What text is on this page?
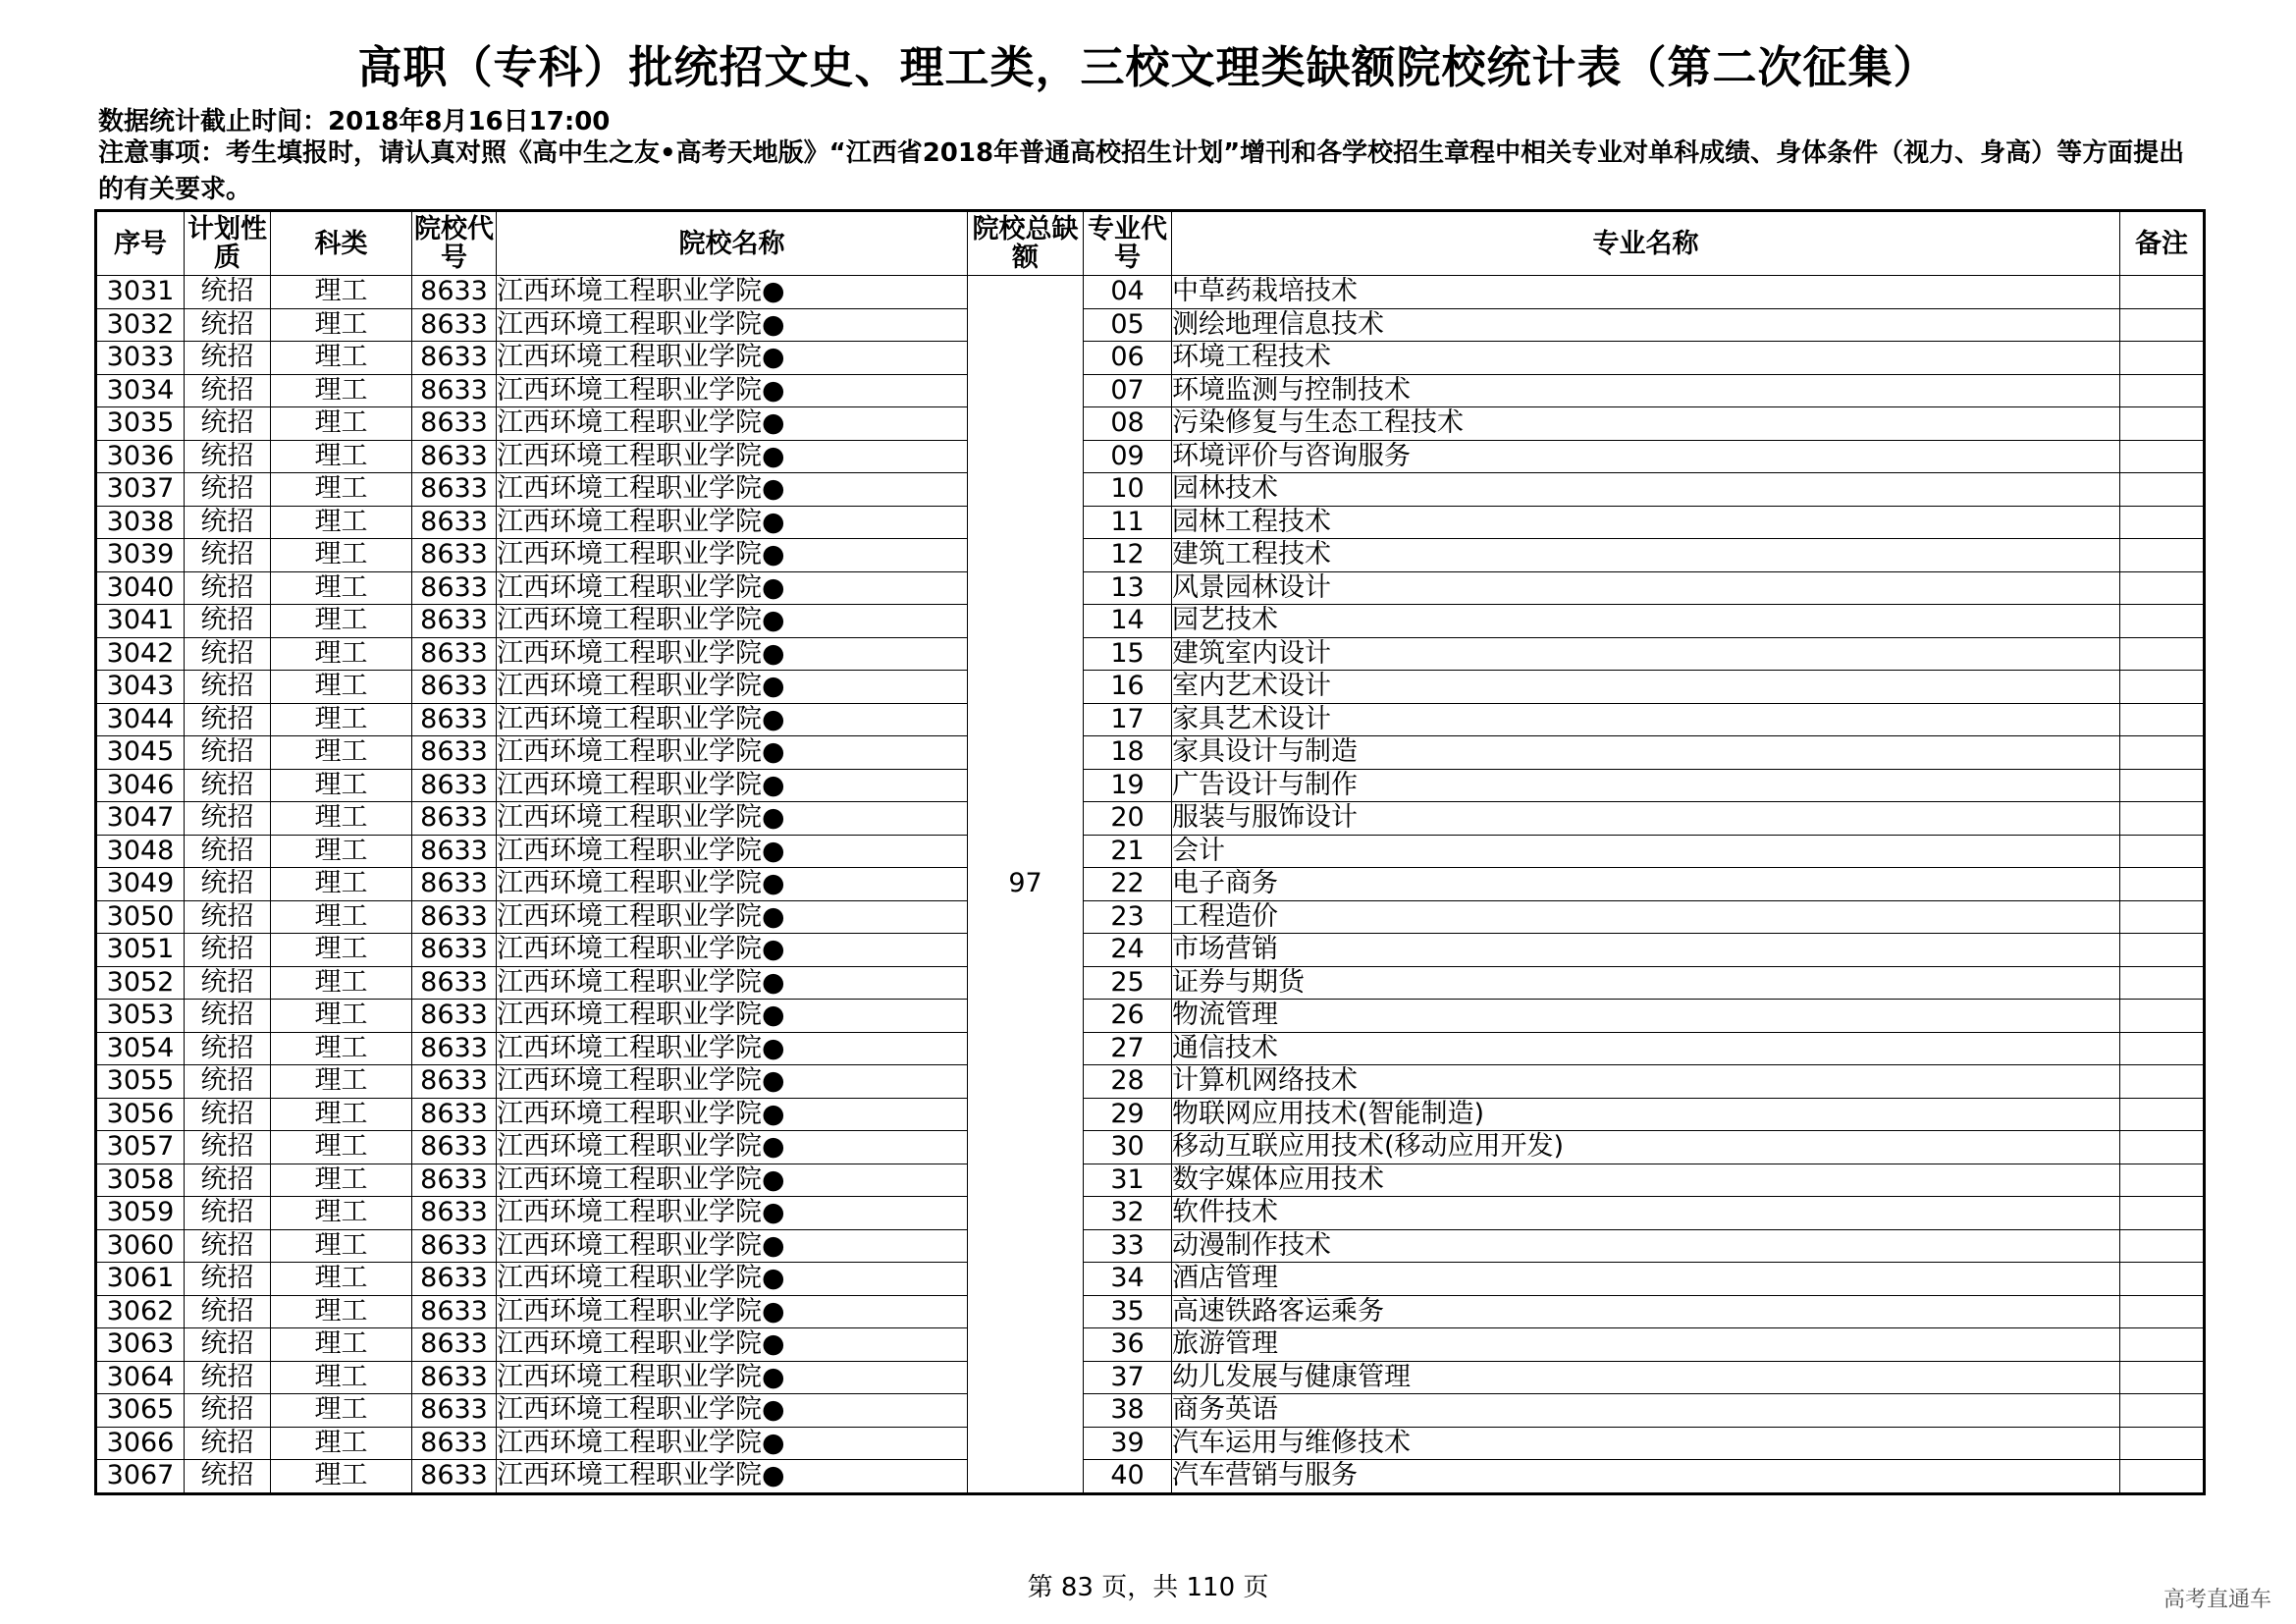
高职（专科）批统招文史、理工类，三校文理类缺额院校统计表（第二次征集）
数据统计截止时间：2018年8月16日17:00
注意事项：考生填报时，请认真对照《高中生之友•高考天地版》“江西省2018年普通高校招生计划”增刊和各学校招生章程中相关专业对单科成绩、身体条件（视力、身高）等方面提出的有关要求。
序号	计划性质	科类	院校代号	院校名称	院校总缺额	专业代号	专业名称	备注
3031	统招	理工	8633	江西环境工程职业学院●	97	04	中草药栽培技术	
3032	统招	理工	8633	江西环境工程职业学院●		05	测绘地理信息技术	
3033	统招	理工	8633	江西环境工程职业学院●		06	环境工程技术	
3034	统招	理工	8633	江西环境工程职业学院●		07	环境监测与控制技术	
3035	统招	理工	8633	江西环境工程职业学院●		08	污染修复与生态工程技术	
3036	统招	理工	8633	江西环境工程职业学院●		09	环境评价与咨询服务	
3037	统招	理工	8633	江西环境工程职业学院●		10	园林技术	
3038	统招	理工	8633	江西环境工程职业学院●		11	园林工程技术	
3039	统招	理工	8633	江西环境工程职业学院●		12	建筑工程技术	
3040	统招	理工	8633	江西环境工程职业学院●		13	风景园林设计	
3041	统招	理工	8633	江西环境工程职业学院●		14	园艺技术	
3042	统招	理工	8633	江西环境工程职业学院●		15	建筑室内设计	
3043	统招	理工	8633	江西环境工程职业学院●		16	室内艺术设计	
3044	统招	理工	8633	江西环境工程职业学院●		17	家具艺术设计	
3045	统招	理工	8633	江西环境工程职业学院●		18	家具设计与制造	
3046	统招	理工	8633	江西环境工程职业学院●		19	广告设计与制作	
3047	统招	理工	8633	江西环境工程职业学院●		20	服装与服饰设计	
3048	统招	理工	8633	江西环境工程职业学院●		21	会计	
3049	统招	理工	8633	江西环境工程职业学院●		22	电子商务	
3050	统招	理工	8633	江西环境工程职业学院●		23	工程造价	
3051	统招	理工	8633	江西环境工程职业学院●		24	市场营销	
3052	统招	理工	8633	江西环境工程职业学院●		25	证券与期货	
3053	统招	理工	8633	江西环境工程职业学院●		26	物流管理	
3054	统招	理工	8633	江西环境工程职业学院●		27	通信技术	
3055	统招	理工	8633	江西环境工程职业学院●		28	计算机网络技术	
3056	统招	理工	8633	江西环境工程职业学院●		29	物联网应用技术(智能制造)	
3057	统招	理工	8633	江西环境工程职业学院●		30	移动互联应用技术(移动应用开发)	
3058	统招	理工	8633	江西环境工程职业学院●		31	数字媒体应用技术	
3059	统招	理工	8633	江西环境工程职业学院●		32	软件技术	
3060	统招	理工	8633	江西环境工程职业学院●		33	动漫制作技术	
3061	统招	理工	8633	江西环境工程职业学院●		34	酒店管理	
3062	统招	理工	8633	江西环境工程职业学院●		35	高速铁路客运乘务	
3063	统招	理工	8633	江西环境工程职业学院●		36	旅游管理	
3064	统招	理工	8633	江西环境工程职业学院●		37	幼儿发展与健康管理	
3065	统招	理工	8633	江西环境工程职业学院●		38	商务英语	
3066	统招	理工	8633	江西环境工程职业学院●		39	汽车运用与维修技术	
3067	统招	理工	8633	江西环境工程职业学院●		40	汽车营销与服务	
第 83 页，共 110 页	高考直通车
